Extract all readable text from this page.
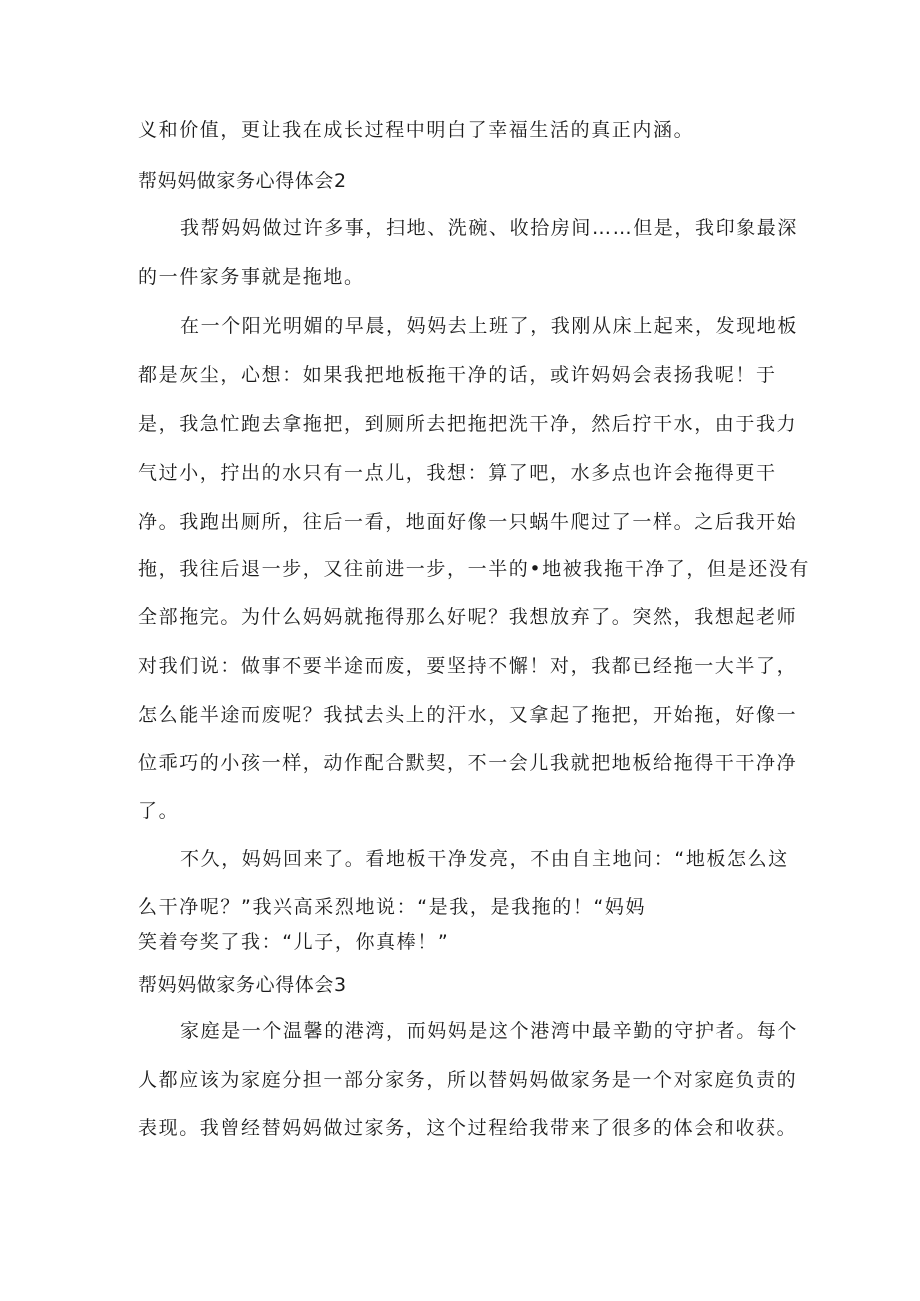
义和价值，更让我在成长过程中明白了幸福生活的真正内涵。
帮妈妈做家务心得体会2
我帮妈妈做过许多事，扫地、洗碗、收拾房间……但是，我印象最深
的一件家务事就是拖地。
在一个阳光明媚的早晨，妈妈去上班了，我刚从床上起来，发现地板
都是灰尘，心想：如果我把地板拖干净的话，或许妈妈会表扬我呢！于
是，我急忙跑去拿拖把，到厕所去把拖把洗干净，然后拧干水，由于我力
气过小，拧出的水只有一点儿，我想：算了吧，水多点也许会拖得更干
净。我跑出厕所，往后一看，地面好像一只蜗牛爬过了一样。之后我开始
拖，我往后退一步，又往前进一步，一半的•地被我拖干净了，但是还没有
全部拖完。为什么妈妈就拖得那么好呢？我想放弃了。突然，我想起老师
对我们说：做事不要半途而废，要坚持不懈！对，我都已经拖一大半了，
怎么能半途而废呢？我拭去头上的汗水，又拿起了拖把，开始拖，好像一
位乖巧的小孩一样，动作配合默契，不一会儿我就把地板给拖得干干净净
了。
不久，妈妈回来了。看地板干净发亮，不由自主地问：“地板怎么这
么干净呢？”我兴高采烈地说：“是我，是我拖的！“妈妈
笑着夸奖了我：“儿子，你真棒！”
帮妈妈做家务心得体会3
家庭是一个温馨的港湾，而妈妈是这个港湾中最辛勤的守护者。每个
人都应该为家庭分担一部分家务，所以替妈妈做家务是一个对家庭负责的
表现。我曾经替妈妈做过家务，这个过程给我带来了很多的体会和收获。
